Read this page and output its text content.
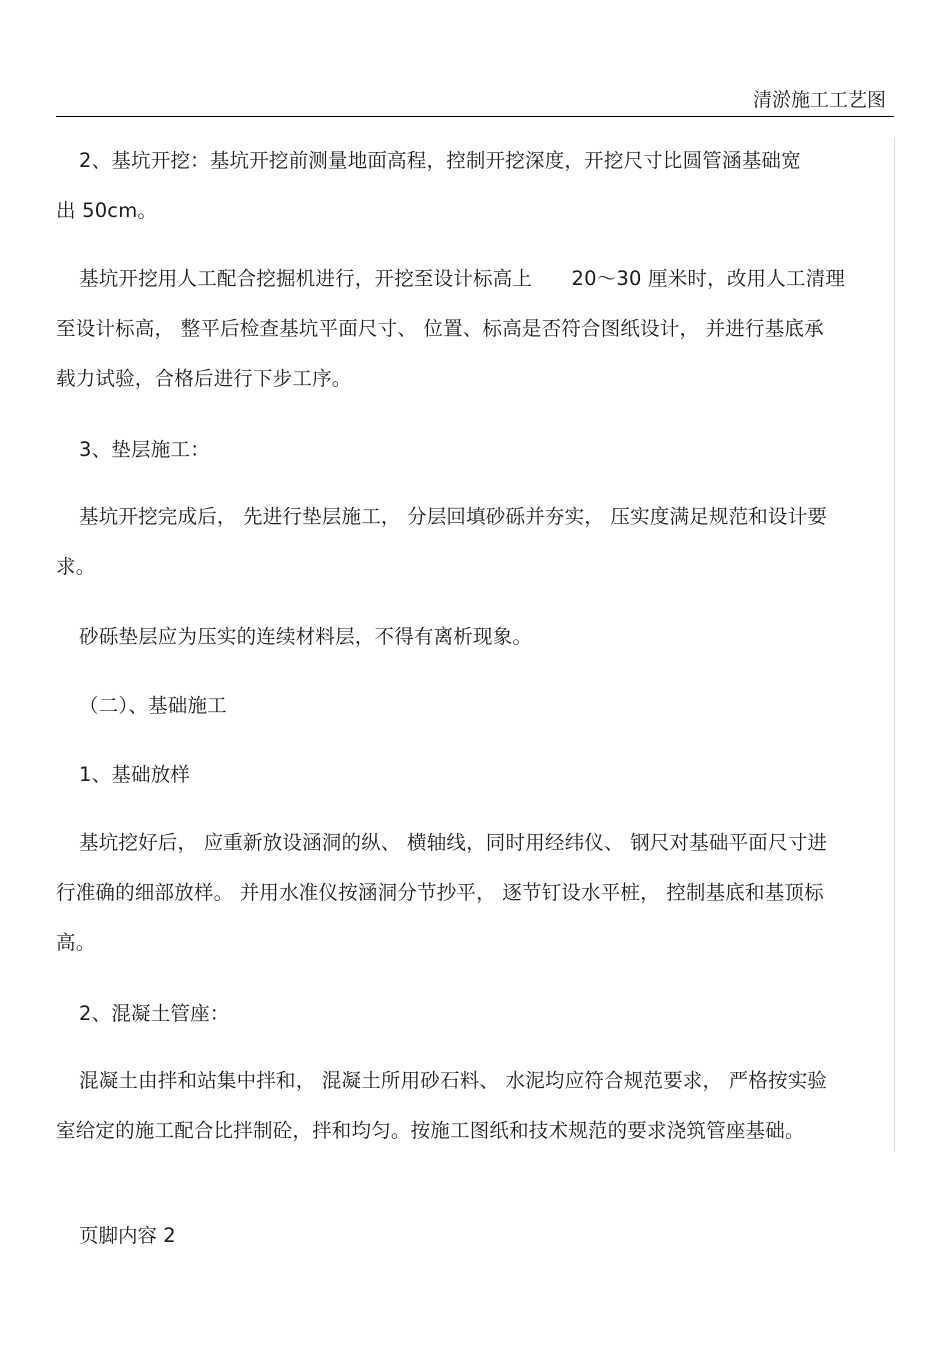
清淤施工工艺图
2、基坑开挖：基坑开挖前测量地面高程，控制开挖深度，开挖尺寸比圆管涵基础宽
出 50cm。
基坑开挖用人工配合挖掘机进行，开挖至设计标高上　　20～30 厘米时，改用人工清理
至设计标高， 整平后检查基坑平面尺寸、 位置、标高是否符合图纸设计， 并进行基底承
载力试验，合格后进行下步工序。
3、垫层施工：
基坑开挖完成后， 先进行垫层施工， 分层回填砂砾并夯实， 压实度满足规范和设计要
求。
砂砾垫层应为压实的连续材料层，不得有离析现象。
（二）、基础施工
1、基础放样
基坑挖好后， 应重新放设涵洞的纵、 横轴线，同时用经纬仪、 钢尺对基础平面尺寸进
行准确的细部放样。 并用水准仪按涵洞分节抄平， 逐节钉设水平桩， 控制基底和基顶标
高。
2、混凝土管座：
混凝土由拌和站集中拌和， 混凝土所用砂石料、 水泥均应符合规范要求， 严格按实验
室给定的施工配合比拌制砼，拌和均匀。按施工图纸和技术规范的要求浇筑管座基础。
页脚内容 2
